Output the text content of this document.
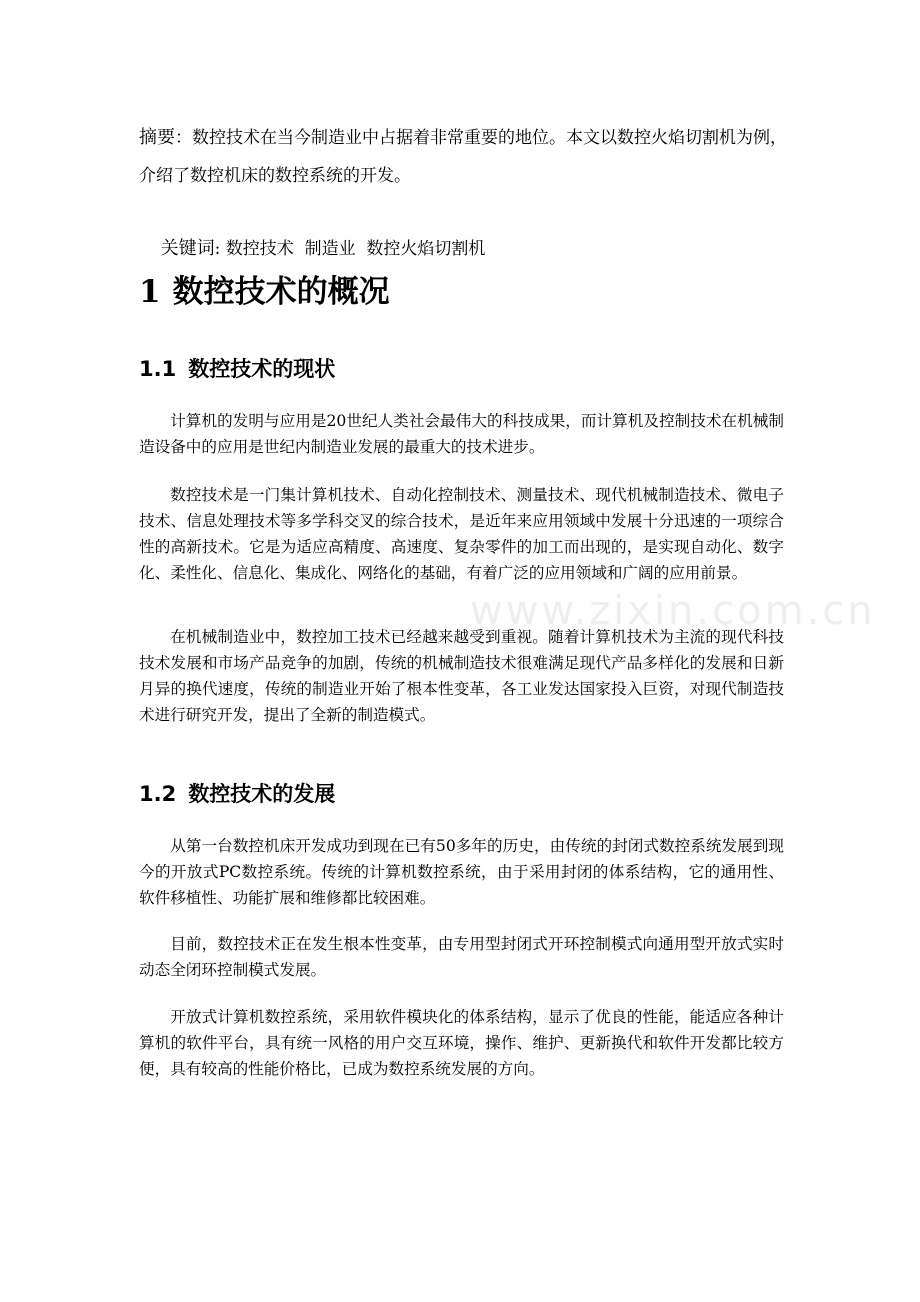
www.zixin.com.cn
摘要：数控技术在当今制造业中占据着非常重要的地位。本文以数控火焰切割机为例，介绍了数控机床的数控系统的开发。

关键词: 数控技术  制造业  数控火焰切割机

1 数控技术的概况
1.1 数控技术的现状

计算机的发明与应用是20世纪人类社会最伟大的科技成果，而计算机及控制技术在机械制造设备中的应用是世纪内制造业发展的最重大的技术进步。

数控技术是一门集计算机技术、自动化控制技术、测量技术、现代机械制造技术、微电子技术、信息处理技术等多学科交叉的综合技术，是近年来应用领域中发展十分迅速的一项综合性的高新技术。它是为适应高精度、高速度、复杂零件的加工而出现的，是实现自动化、数字化、柔性化、信息化、集成化、网络化的基础，有着广泛的应用领域和广阔的应用前景。

在机械制造业中，数控加工技术已经越来越受到重视。随着计算机技术为主流的现代科技技术发展和市场产品竞争的加剧，传统的机械制造技术很难满足现代产品多样化的发展和日新月异的换代速度，传统的制造业开始了根本性变革，各工业发达国家投入巨资，对现代制造技术进行研究开发，提出了全新的制造模式。

1.2 数控技术的发展

从第一台数控机床开发成功到现在已有50多年的历史，由传统的封闭式数控系统发展到现今的开放式PC数控系统。传统的计算机数控系统，由于采用封闭的体系结构，它的通用性、软件移植性、功能扩展和维修都比较困难。

目前，数控技术正在发生根本性变革，由专用型封闭式开环控制模式向通用型开放式实时动态全闭环控制模式发展。

开放式计算机数控系统，采用软件模块化的体系结构，显示了优良的性能，能适应各种计算机的软件平台，具有统一风格的用户交互环境，操作、维护、更新换代和软件开发都比较方便，具有较高的性能价格比，已成为数控系统发展的方向。
